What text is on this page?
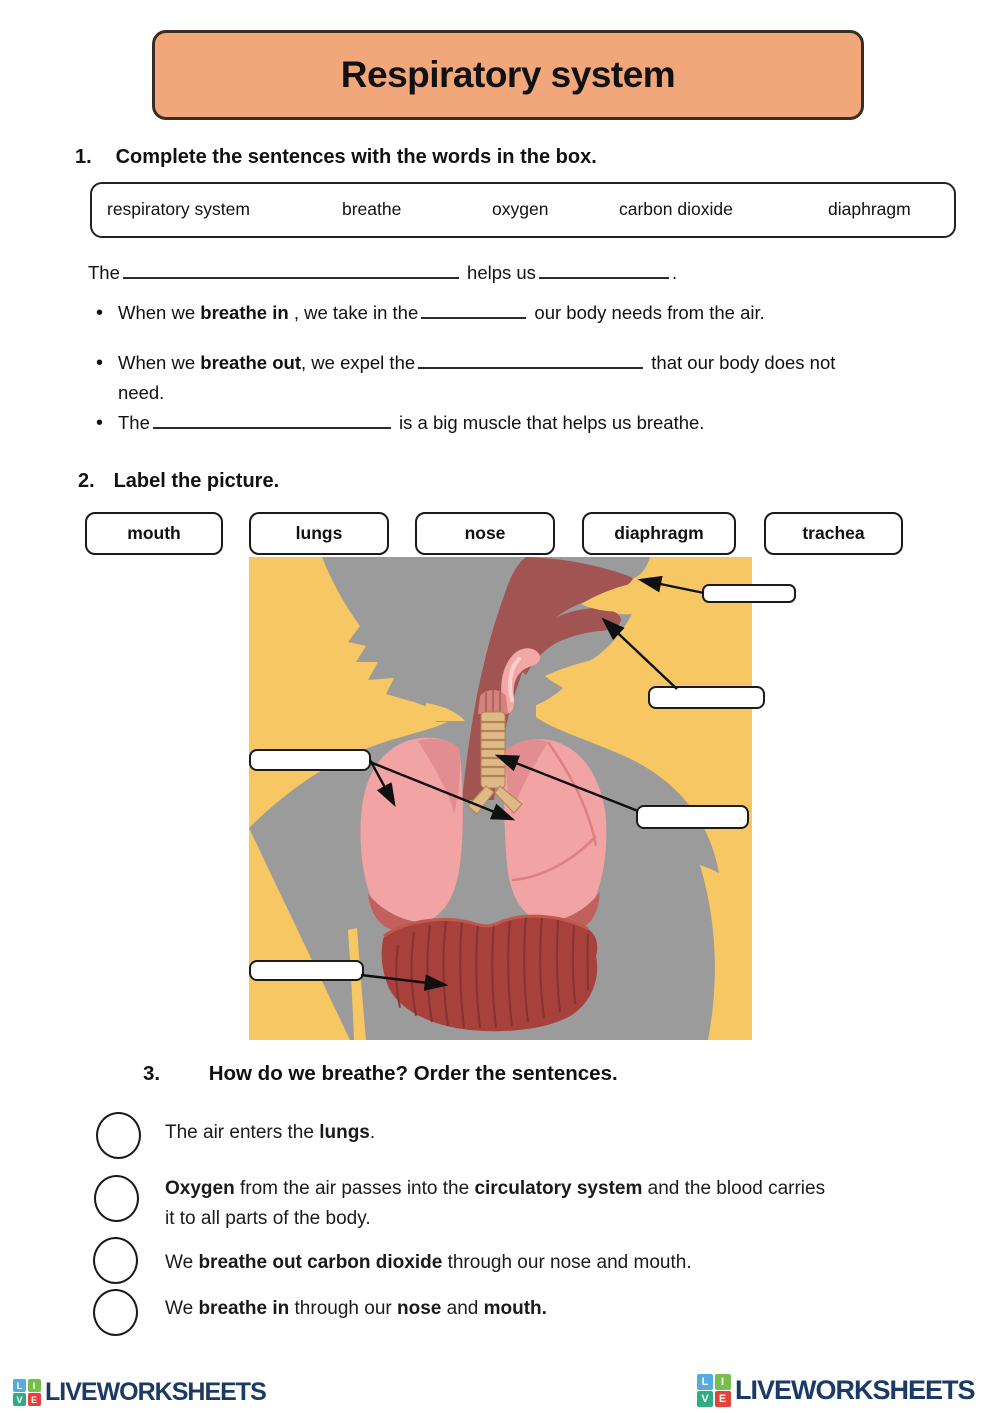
Respiratory system
1. Complete the sentences with the words in the box.
respiratory system	breathe	oxygen	carbon dioxide	diaphragm
The	helps us	.
• When we breathe in , we take in the	our body needs from the air.
• When we breathe out, we expel the	that our body does not need.
• The	is a big muscle that helps us breathe.
2. Label the picture.
mouth	lungs	nose	diaphragm	trachea
3. How do we breathe? Order the sentences.
The air enters the lungs.
Oxygen from the air passes into the circulatory system and the blood carries it to all parts of the body.
We breathe out carbon dioxide through our nose and mouth.
We breathe in through our nose and mouth.
L	I
V E LIVEWORKSHEETS	L	I
V E LIVEWORKSHEETS
